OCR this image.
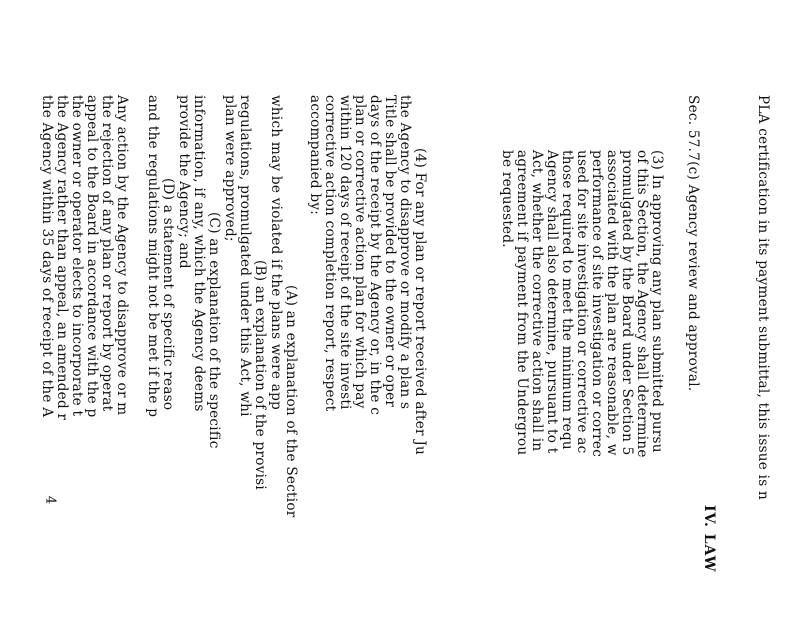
PLA certification in its payment submittal, this issue is n
IV. LAW
Sec. 57.7(c) Agency review and approval.
(3) In approving any plan submitted pursu
of this Section, the Agency shall determine
promulgated by the Board under Section 5
associated with the plan are reasonable, w
performance of site investigation or correc
used for site investigation or corrective ac
those required to meet the minimum requ
Agency shall also determine, pursuant to t
Act, whether the corrective action shall in
agreement if payment from the Undergrou
be requested.
(4) For any plan or report received after Ju
the Agency to disapprove or modify a plan s
Title shall be provided to the owner or oper
days of the receipt by the Agency or, in the c
plan or corrective action plan for which pay
within 120 days of receipt of the site investi
corrective action completion report, respect
accompanied by:
(A) an explanation of the Sectior
which may be violated if the plans were app
(B) an explanation of the provisi
regulations, promulgated under this Act, whi
plan were approved;
(C) an explanation of the specific
information, if any, which the Agency deems
provide the Agency; and
(D) a statement of specific reaso
and the regulations might not be met if the p
Any action by the Agency to disapprove or m
the rejection of any plan or report by operat
appeal to the Board in accordance with the p
the owner or operator elects to incorporate t
the Agency rather than appeal, an amended r
the Agency within 35 days of receipt of the A
4
